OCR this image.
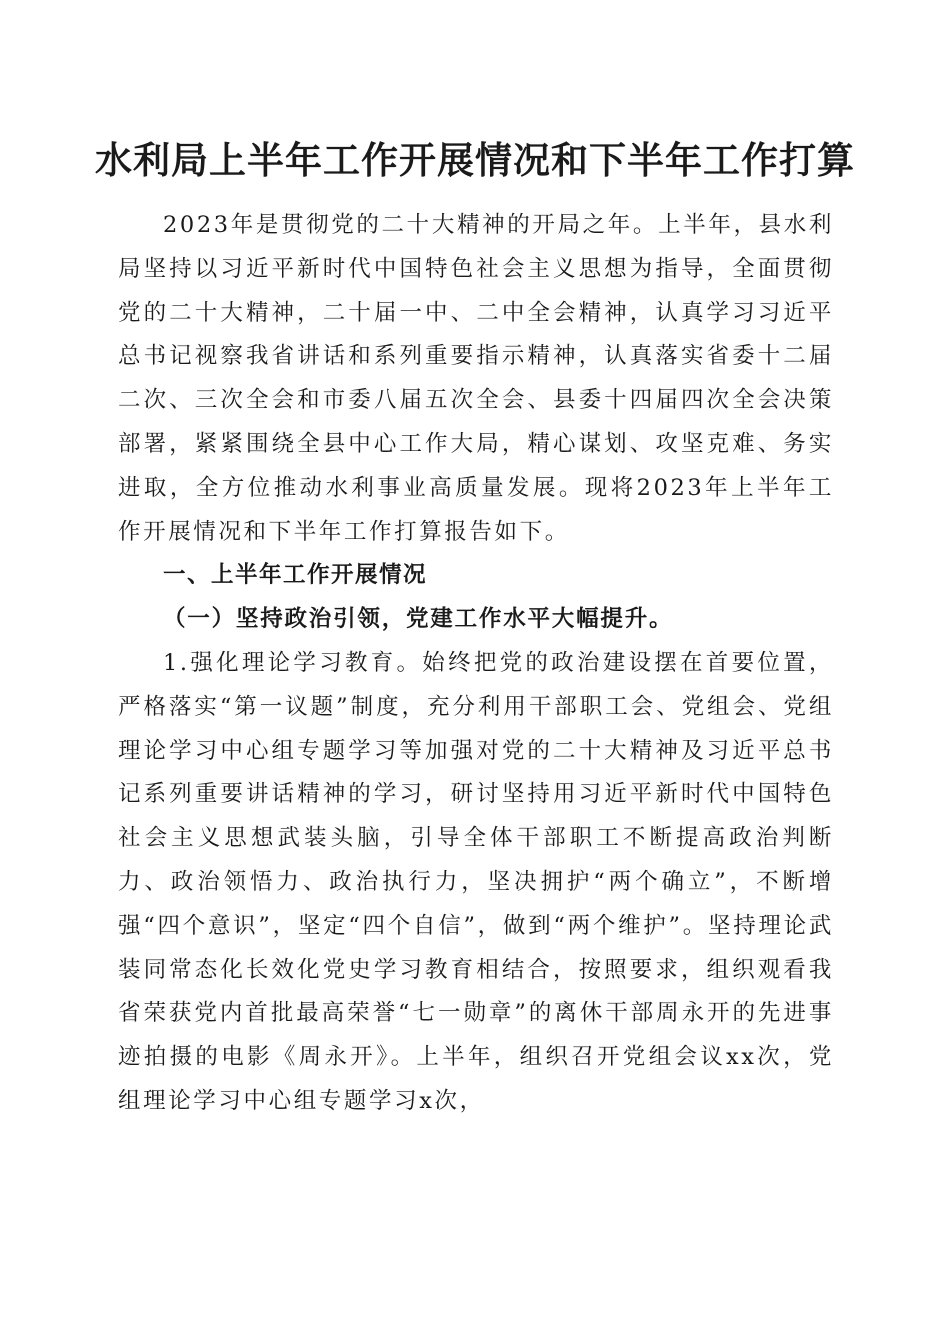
水利局上半年工作开展情况和下半年工作打算

2023年是贯彻党的二十大精神的开局之年。上半年，县水利局坚持以习近平新时代中国特色社会主义思想为指导，全面贯彻党的二十大精神，二十届一中、二中全会精神，认真学习习近平总书记视察我省讲话和系列重要指示精神，认真落实省委十二届二次、三次全会和市委八届五次全会、县委十四届四次全会决策部署，紧紧围绕全县中心工作大局，精心谋划、攻坚克难、务实进取，全方位推动水利事业高质量发展。现将2023年上半年工作开展情况和下半年工作打算报告如下。

一、上半年工作开展情况

（一）坚持政治引领，党建工作水平大幅提升。

1.强化理论学习教育。始终把党的政治建设摆在首要位置，严格落实“第一议题”制度，充分利用干部职工会、党组会、党组理论学习中心组专题学习等加强对党的二十大精神及习近平总书记系列重要讲话精神的学习，研讨坚持用习近平新时代中国特色社会主义思想武装头脑，引导全体干部职工不断提高政治判断力、政治领悟力、政治执行力，坚决拥护“两个确立”，不断增强“四个意识”，坚定“四个自信”，做到“两个维护”。坚持理论武装同常态化长效化党史学习教育相结合，按照要求，组织观看我省荣获党内首批最高荣誉“七一勋章”的离休干部周永开的先进事迹拍摄的电影《周永开》。上半年，组织召开党组会议xx次，党组理论学习中心组专题学习x次，
